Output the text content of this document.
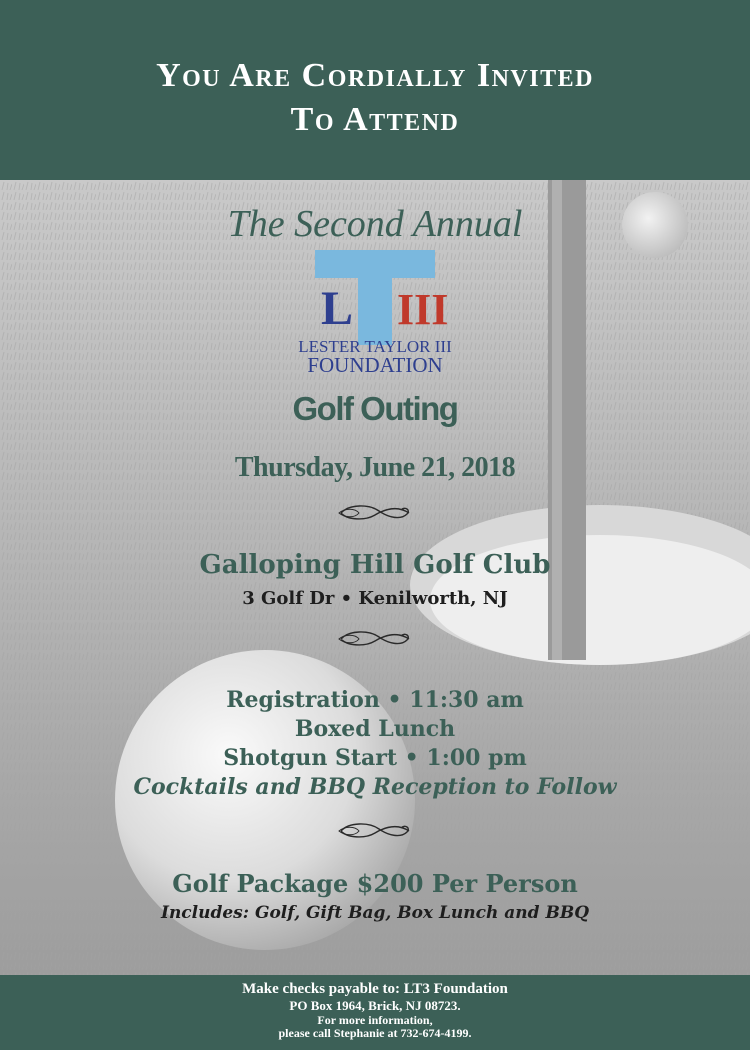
You Are Cordially Invited
To Attend
The Second Annual
L III
LESTER TAYLOR III
FOUNDATION
Golf Outing
Thursday, June 21, 2018
Galloping Hill Golf Club
3 Golf Dr • Kenilworth, NJ
Registration • 11:30 am
Boxed Lunch
Shotgun Start • 1:00 pm
Cocktails and BBQ Reception to Follow
Golf Package $200 Per Person
Includes: Golf, Gift Bag, Box Lunch and BBQ
Make checks payable to: LT3 Foundation
PO Box 1964, Brick, NJ 08723.
For more information,
please call Stephanie at 732-674-4199.
